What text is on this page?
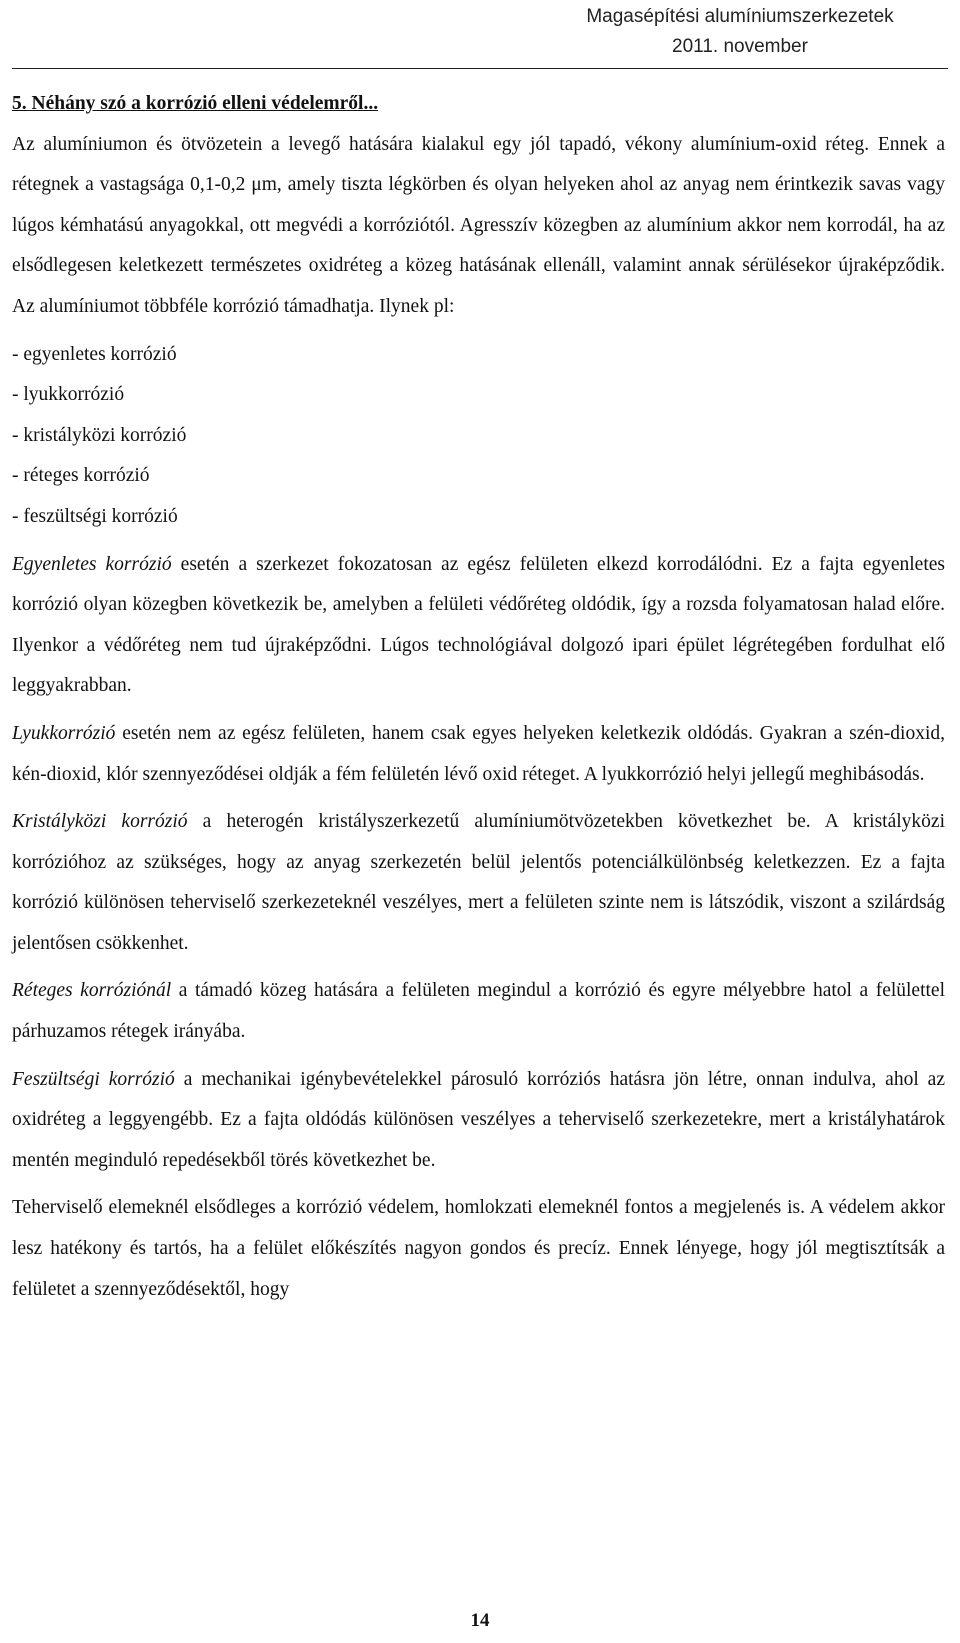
Magasépítési alumíniumszerkezetek
2011. november

5. Néhány szó a korrózió elleni védelemről...

Az alumíniumon és ötvözetein a levegő hatására kialakul egy jól tapadó, vékony alumínium-oxid réteg. Ennek a rétegnek a vastagsága 0,1-0,2 μm, amely tiszta légkörben és olyan helyeken ahol az anyag nem érintkezik savas vagy lúgos kémhatású anyagokkal, ott megvédi a korróziótól. Agresszív közegben az alumínium akkor nem korrodál, ha az elsődlegesen keletkezett természetes oxidréteg a közeg hatásának ellenáll, valamint annak sérülésekor újraképződik. Az alumíniumot többféle korrózió támadhatja. Ilynek pl:

- egyenletes korrózió
- lyukkorrózió
- kristályközi korrózió
- réteges korrózió
- feszültségi korrózió

Egyenletes korrózió esetén a szerkezet fokozatosan az egész felületen elkezd korrodálódni. Ez a fajta egyenletes korrózió olyan közegben következik be, amelyben a felületi védőréteg oldódik, így a rozsda folyamatosan halad előre. Ilyenkor a védőréteg nem tud újraképződni. Lúgos technológiával dolgozó ipari épület légrétegében fordulhat elő leggyakrabban.

Lyukkorrózió esetén nem az egész felületen, hanem csak egyes helyeken keletkezik oldódás. Gyakran a szén-dioxid, kén-dioxid, klór szennyeződései oldják a fém felületén lévő oxid réteget. A lyukkorrózió helyi jellegű meghibásodás.

Kristályközi korrózió a heterogén kristályszerkezetű alumíniumötvözetekben következhet be. A kristályközi korrózióhoz az szükséges, hogy az anyag szerkezetén belül jelentős potenciálkülönbség keletkezzen. Ez a fajta korrózió különösen teherviselő szerkezeteknél veszélyes, mert a felületen szinte nem is látszódik, viszont a szilárdság jelentősen csökkenhet.

Réteges korróziónál a támadó közeg hatására a felületen megindul a korrózió és egyre mélyebbre hatol a felülettel párhuzamos rétegek irányába.

Feszültségi korrózió a mechanikai igénybevételekkel párosuló korróziós hatásra jön létre, onnan indulva, ahol az oxidréteg a leggyengébb. Ez a fajta oldódás különösen veszélyes a teherviselő szerkezetekre, mert a kristályhatárok mentén meginduló repedésekből törés következhet be.

Teherviselő elemeknél elsődleges a korrózió védelem, homlokzati elemeknél fontos a megjelenés is. A védelem akkor lesz hatékony és tartós, ha a felület előkészítés nagyon gondos és precíz. Ennek lényege, hogy jól megtisztítsák a felületet a szennyeződésektől, hogy

14
